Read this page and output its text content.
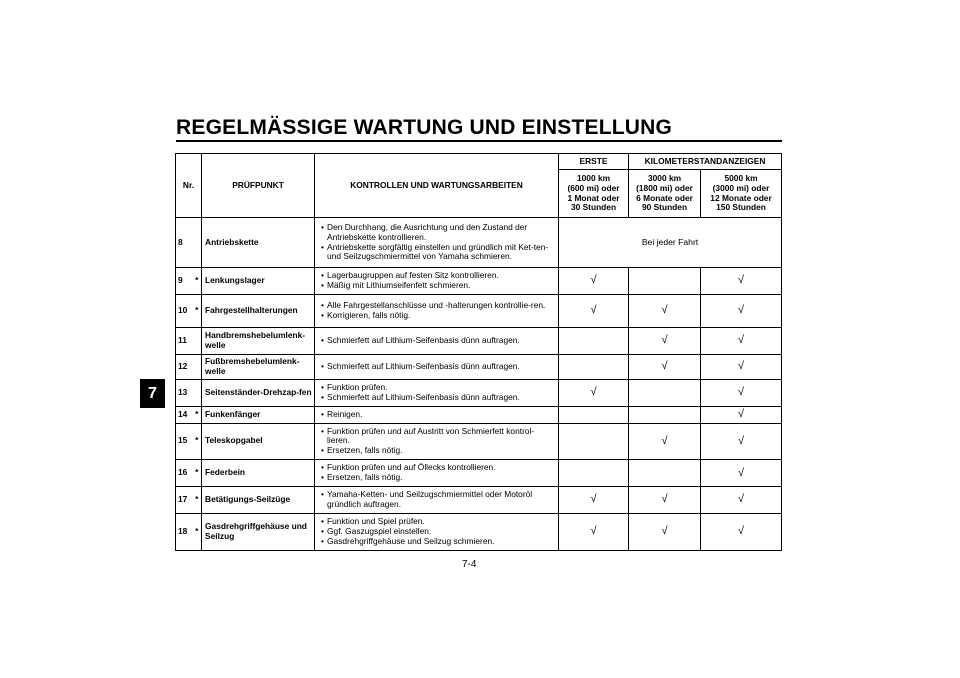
REGELMÄSSIGE WARTUNG UND EINSTELLUNG
7
Nr.		PRÜFPUNKT	KONTROLLEN UND WARTUNGSARBEITEN	ERSTE	KILOMETERSTANDANZEIGEN	
				1000 km
(600 mi) oder
1 Monat oder
30 Stunden	3000 km
(1800 mi) oder
6 Monate oder
90 Stunden	5000 km
(3000 mi) oder
12 Monate oder
150 Stunden
8		Antriebskette	• Den Durchhang, die Ausrichtung und den Zustand der Antriebskette kontrollieren.
• Antriebskette sorgfältig einstellen und gründlich mit Ket-ten- und Seilzugschmiermittel von Yamaha schmieren.	Bei jeder Fahrt		
9	*	Lenkungslager	• Lagerbaugruppen auf festen Sitz kontrollieren.
• Mäßig mit Lithiumseifenfett schmieren.	√		√
10	*	Fahrgestellhalterungen	• Alle Fahrgestellanschlüsse und -halterungen kontrollie-ren.
• Korrigieren, falls nötig.	√	√	√
11		Handbremshebelumlenk-welle	• Schmierfett auf Lithium-Seifenbasis dünn auftragen.		√	√
12		Fußbremshebelumlenk-welle	• Schmierfett auf Lithium-Seifenbasis dünn auftragen.		√	√
13		Seitenständer-Drehzap-fen	• Funktion prüfen.
• Schmierfett auf Lithium-Seifenbasis dünn auftragen.	√		√
14	*	Funkenfänger	• Reinigen.			√
15	*	Teleskopgabel	• Funktion prüfen und auf Austritt von Schmierfett kontrol-lieren.
• Ersetzen, falls nötig.		√	√
16	*	Federbein	• Funktion prüfen und auf Öllecks kontrollieren.
• Ersetzen, falls nötig.			√
17	*	Betätigungs-Seilzüge	• Yamaha-Ketten- und Seilzugschmiermittel oder Motoröl gründlich auftragen.	√	√	√
18	*	Gasdrehgriffgehäuse und Seilzug	• Funktion und Spiel prüfen.
• Ggf. Gaszugspiel einstellen.
• Gasdrehgriffgehäuse und Seilzug schmieren.	√	√	√
7-4
